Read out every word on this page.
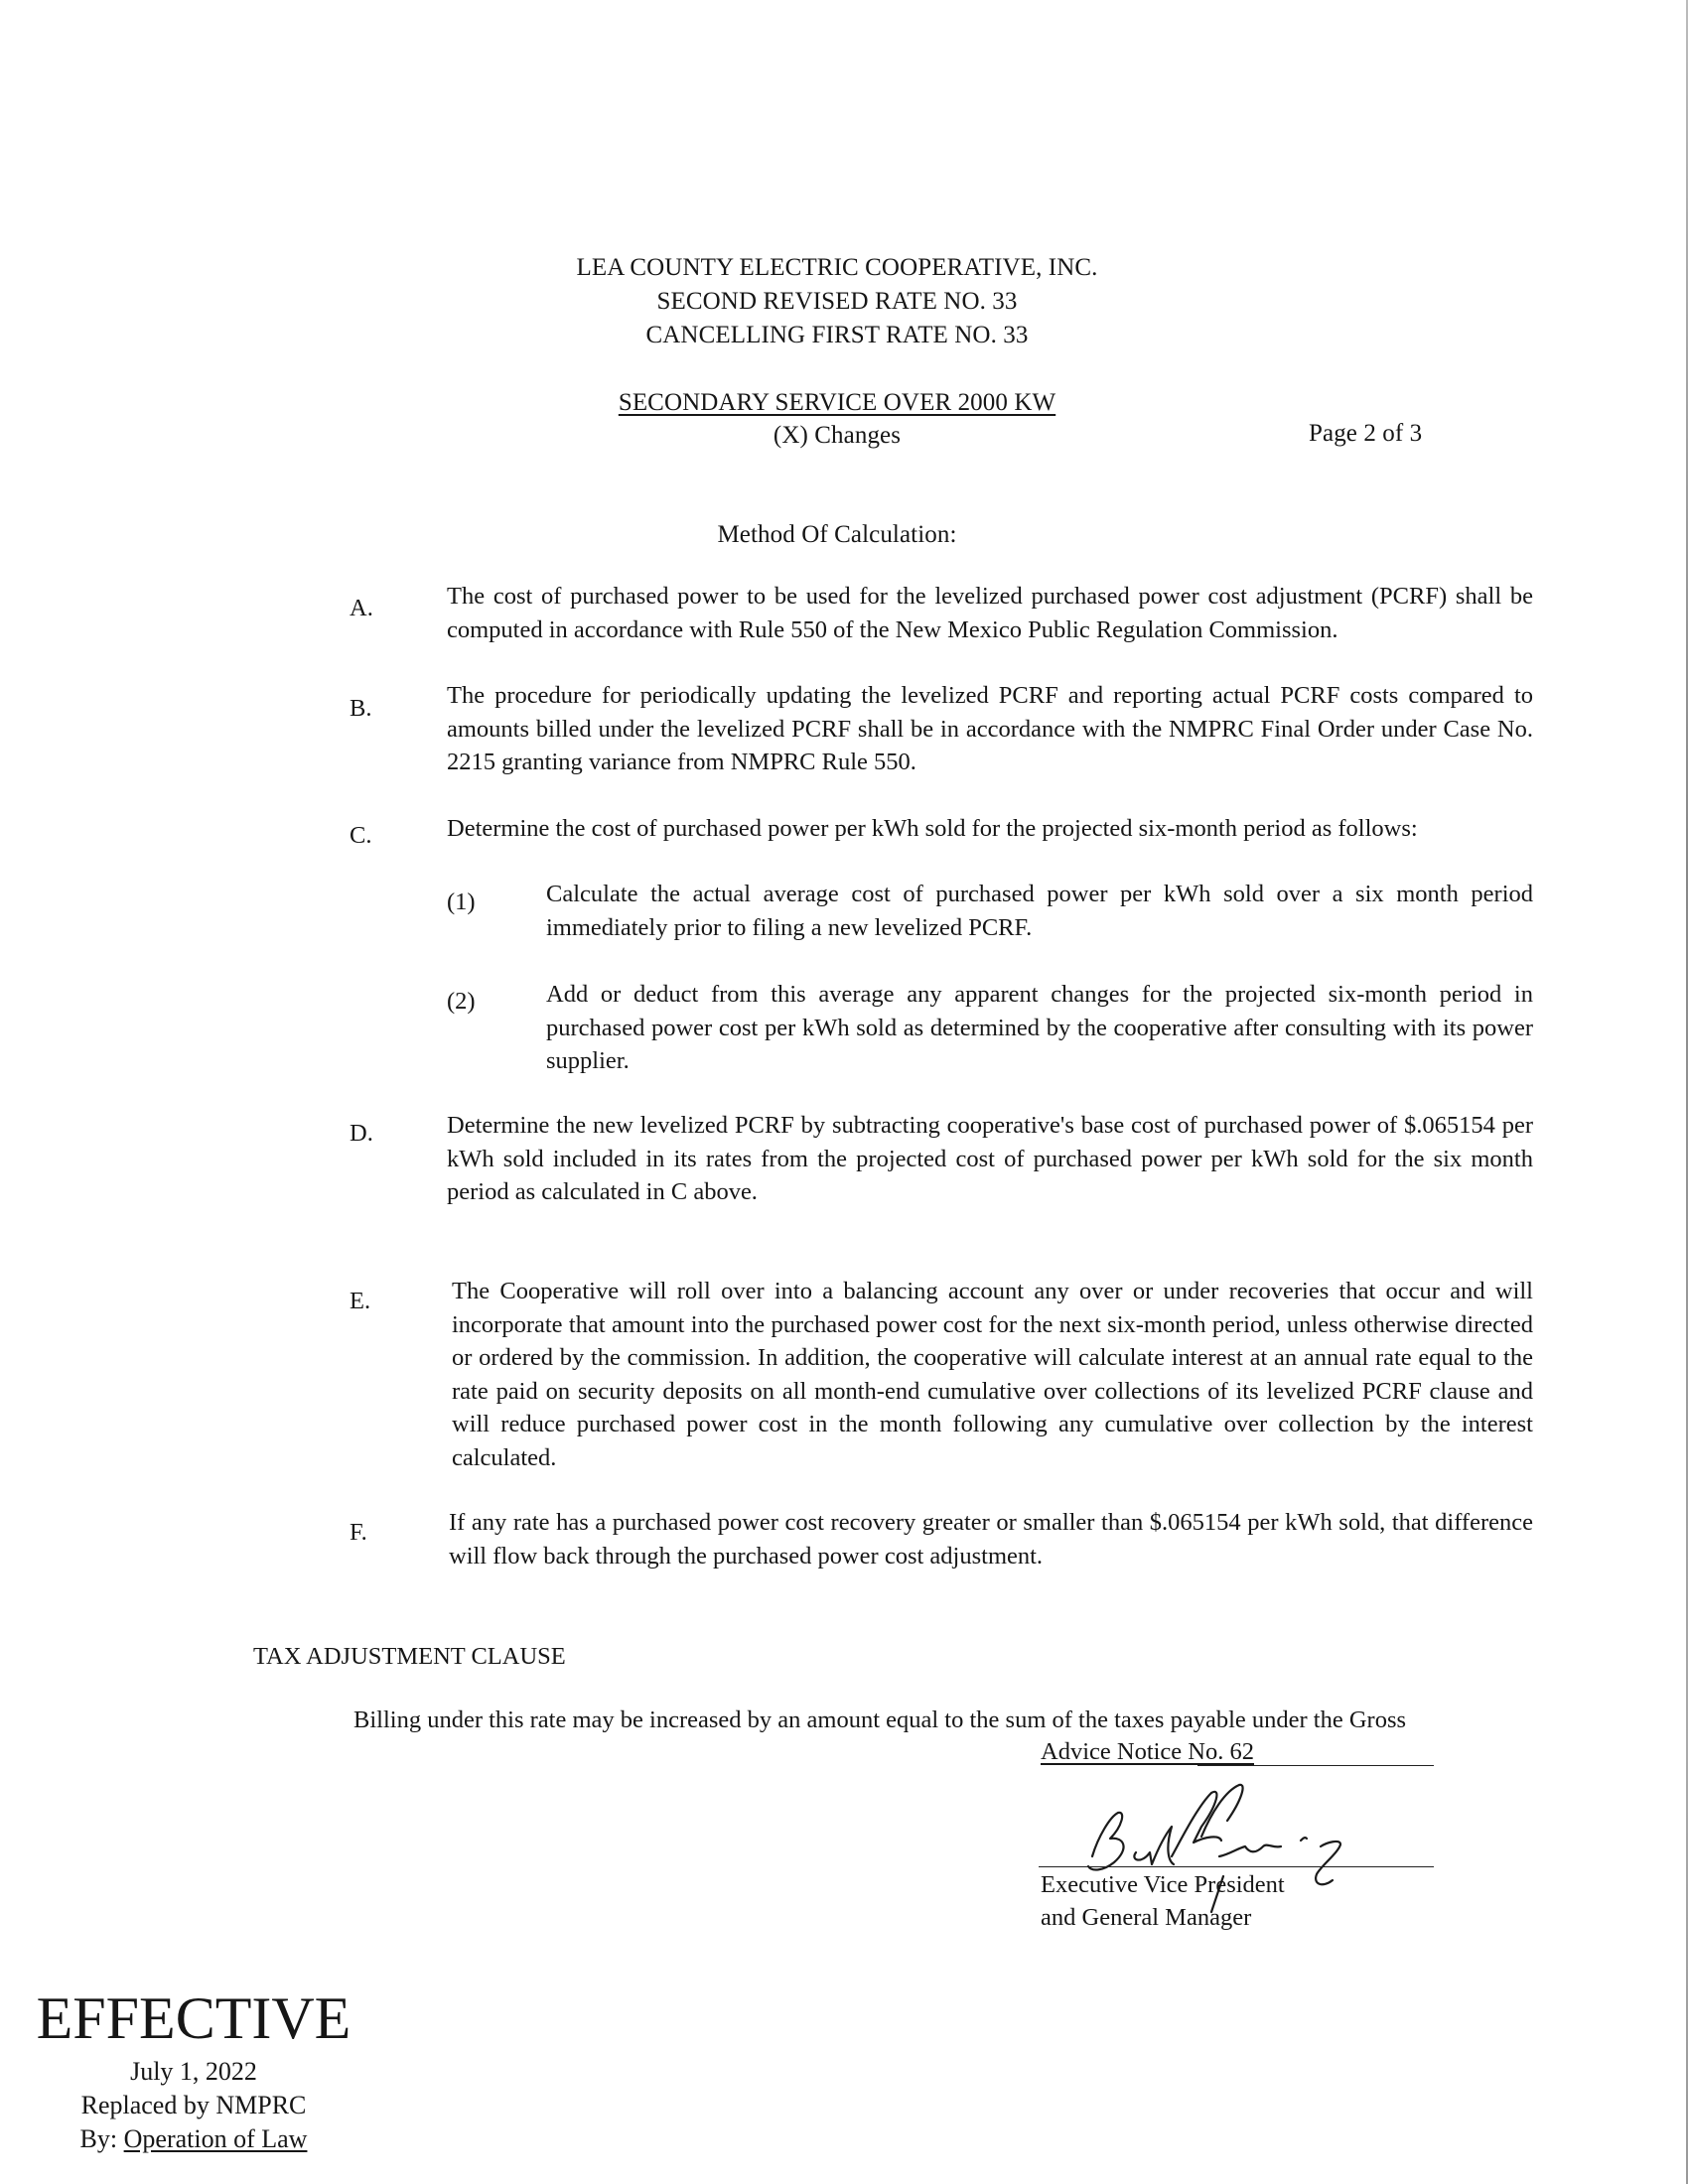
LEA COUNTY ELECTRIC COOPERATIVE, INC.
SECOND REVISED RATE NO. 33
CANCELLING FIRST RATE NO. 33
SECONDARY SERVICE OVER 2000 KW
(X) Changes	Page 2 of 3
Method Of Calculation:
A.	The cost of purchased power to be used for the levelized purchased power cost adjustment (PCRF) shall be computed in accordance with Rule 550 of the New Mexico Public Regulation Commission.
B.	The procedure for periodically updating the levelized PCRF and reporting actual PCRF costs compared to amounts billed under the levelized PCRF shall be in accordance with the NMPRC Final Order under Case No. 2215 granting variance from NMPRC Rule 550.
C.	Determine the cost of purchased power per kWh sold for the projected six-month period as follows:
(1)	Calculate the actual average cost of purchased power per kWh sold over a six month period immediately prior to filing a new levelized PCRF.
(2)	Add or deduct from this average any apparent changes for the projected six-month period in purchased power cost per kWh sold as determined by the cooperative after consulting with its power supplier.
D.	Determine the new levelized PCRF by subtracting cooperative's base cost of purchased power of $.065154 per kWh sold included in its rates from the projected cost of purchased power per kWh sold for the six month period as calculated in C above.
E.	The Cooperative will roll over into a balancing account any over or under recoveries that occur and will incorporate that amount into the purchased power cost for the next six-month period, unless otherwise directed or ordered by the commission. In addition, the cooperative will calculate interest at an annual rate equal to the rate paid on security deposits on all month-end cumulative over collections of its levelized PCRF clause and will reduce purchased power cost in the month following any cumulative over collection by the interest calculated.
F.	If any rate has a purchased power cost recovery greater or smaller than $.065154 per kWh sold, that difference will flow back through the purchased power cost adjustment.
TAX ADJUSTMENT CLAUSE
Billing under this rate may be increased by an amount equal to the sum of the taxes payable under the Gross
Advice Notice No. 62
Executive Vice President
and General Manager
EFFECTIVE
July 1, 2022
Replaced by NMPRC
By: Operation of Law
